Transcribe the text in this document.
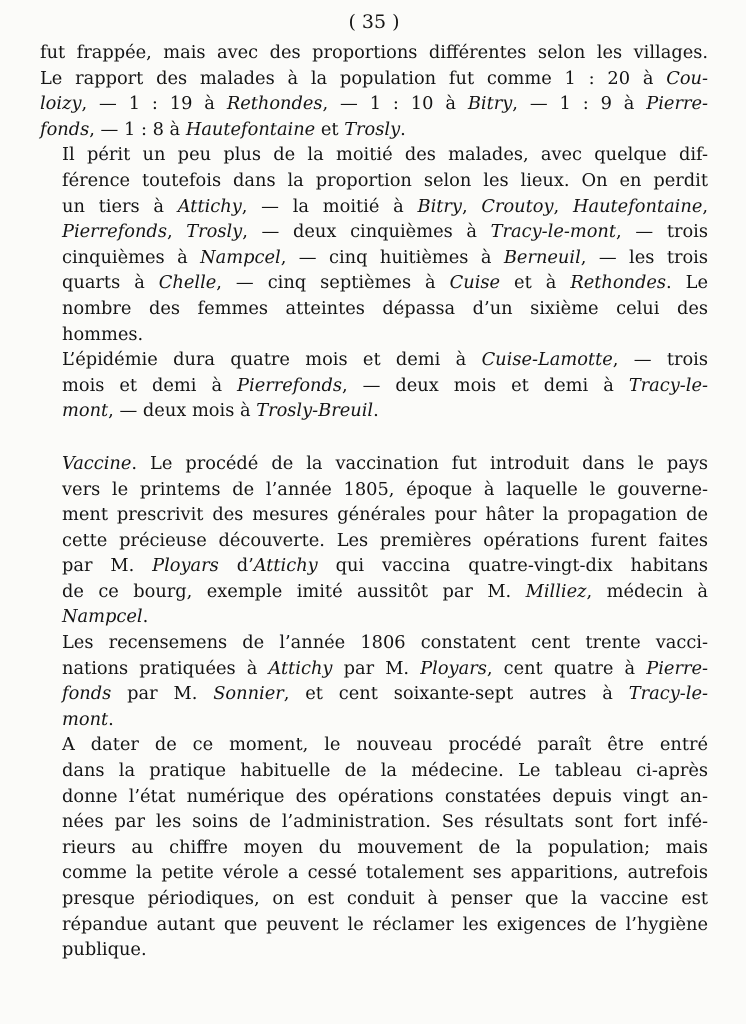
( 35 )
fut frappée, mais avec des proportions différentes selon les villages.
Le rapport des malades à la population fut comme 1 : 20 à Cou-
loizy, — 1 : 19 à Rethondes, — 1 : 10 à Bitry, — 1 : 9 à Pierre-
fonds, — 1 : 8 à Hautefontaine et Trosly.
Il périt un peu plus de la moitié des malades, avec quelque dif-
férence toutefois dans la proportion selon les lieux. On en perdit
un tiers à Attichy, — la moitié à Bitry, Croutoy, Hautefontaine,
Pierrefonds, Trosly, — deux cinquièmes à Tracy-le-mont, — trois
cinquièmes à Nampcel, — cinq huitièmes à Berneuil, — les trois
quarts à Chelle, — cinq septièmes à Cuise et à Rethondes. Le
nombre des femmes atteintes dépassa d’un sixième celui des
hommes.
L’épidémie dura quatre mois et demi à Cuise-Lamotte, — trois
mois et demi à Pierrefonds, — deux mois et demi à Tracy-le-
mont, — deux mois à Trosly-Breuil.
Vaccine. Le procédé de la vaccination fut introduit dans le pays
vers le printems de l’année 1805, époque à laquelle le gouverne-
ment prescrivit des mesures générales pour hâter la propagation de
cette précieuse découverte. Les premières opérations furent faites
par M. Ployars d’Attichy qui vaccina quatre-vingt-dix habitans
de ce bourg, exemple imité aussitôt par M. Milliez, médecin à
Nampcel.
Les recensemens de l’année 1806 constatent cent trente vacci-
nations pratiquées à Attichy par M. Ployars, cent quatre à Pierre-
fonds par M. Sonnier, et cent soixante-sept autres à Tracy-le-
mont.
A dater de ce moment, le nouveau procédé paraît être entré
dans la pratique habituelle de la médecine. Le tableau ci-après
donne l’état numérique des opérations constatées depuis vingt an-
nées par les soins de l’administration. Ses résultats sont fort infé-
rieurs au chiffre moyen du mouvement de la population; mais
comme la petite vérole a cessé totalement ses apparitions, autrefois
presque périodiques, on est conduit à penser que la vaccine est
répandue autant que peuvent le réclamer les exigences de l’hygiène
publique.
